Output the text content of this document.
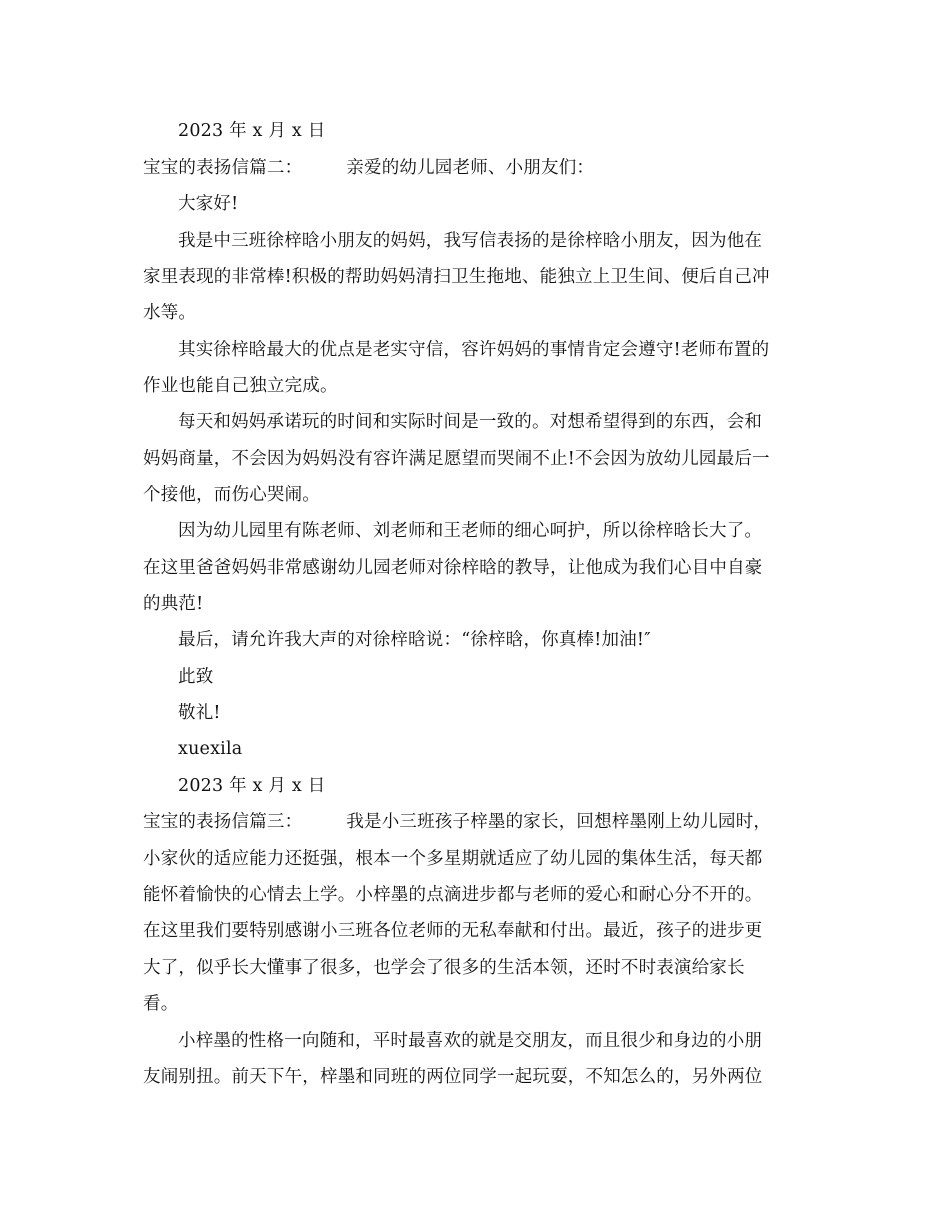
2023 年 x 月 x 日
宝宝的表扬信篇二：	亲爱的幼儿园老师、小朋友们：
大家好!
我是中三班徐梓晗小朋友的妈妈，我写信表扬的是徐梓晗小朋友，因为他在
家里表现的非常棒!积极的帮助妈妈清扫卫生拖地、能独立上卫生间、便后自己冲
水等。
其实徐梓晗最大的优点是老实守信，容许妈妈的事情肯定会遵守!老师布置的
作业也能自己独立完成。
每天和妈妈承诺玩的时间和实际时间是一致的。对想希望得到的东西，会和
妈妈商量，不会因为妈妈没有容许满足愿望而哭闹不止!不会因为放幼儿园最后一
个接他，而伤心哭闹。
因为幼儿园里有陈老师、刘老师和王老师的细心呵护，所以徐梓晗长大了。
在这里爸爸妈妈非常感谢幼儿园老师对徐梓晗的教导，让他成为我们心目中自豪
的典范!
最后，请允许我大声的对徐梓晗说：“徐梓晗，你真棒!加油!″
此致
敬礼!
xuexila
2023 年 x 月 x 日
宝宝的表扬信篇三：	我是小三班孩子梓墨的家长，回想梓墨刚上幼儿园时，
小家伙的适应能力还挺强，根本一个多星期就适应了幼儿园的集体生活，每天都
能怀着愉快的心情去上学。小梓墨的点滴进步都与老师的爱心和耐心分不开的。
在这里我们要特别感谢小三班各位老师的无私奉献和付出。最近，孩子的进步更
大了，似乎长大懂事了很多，也学会了很多的生活本领，还时不时表演给家长
看。
小梓墨的性格一向随和，平时最喜欢的就是交朋友，而且很少和身边的小朋
友闹别扭。前天下午，梓墨和同班的两位同学一起玩耍，不知怎么的，另外两位
